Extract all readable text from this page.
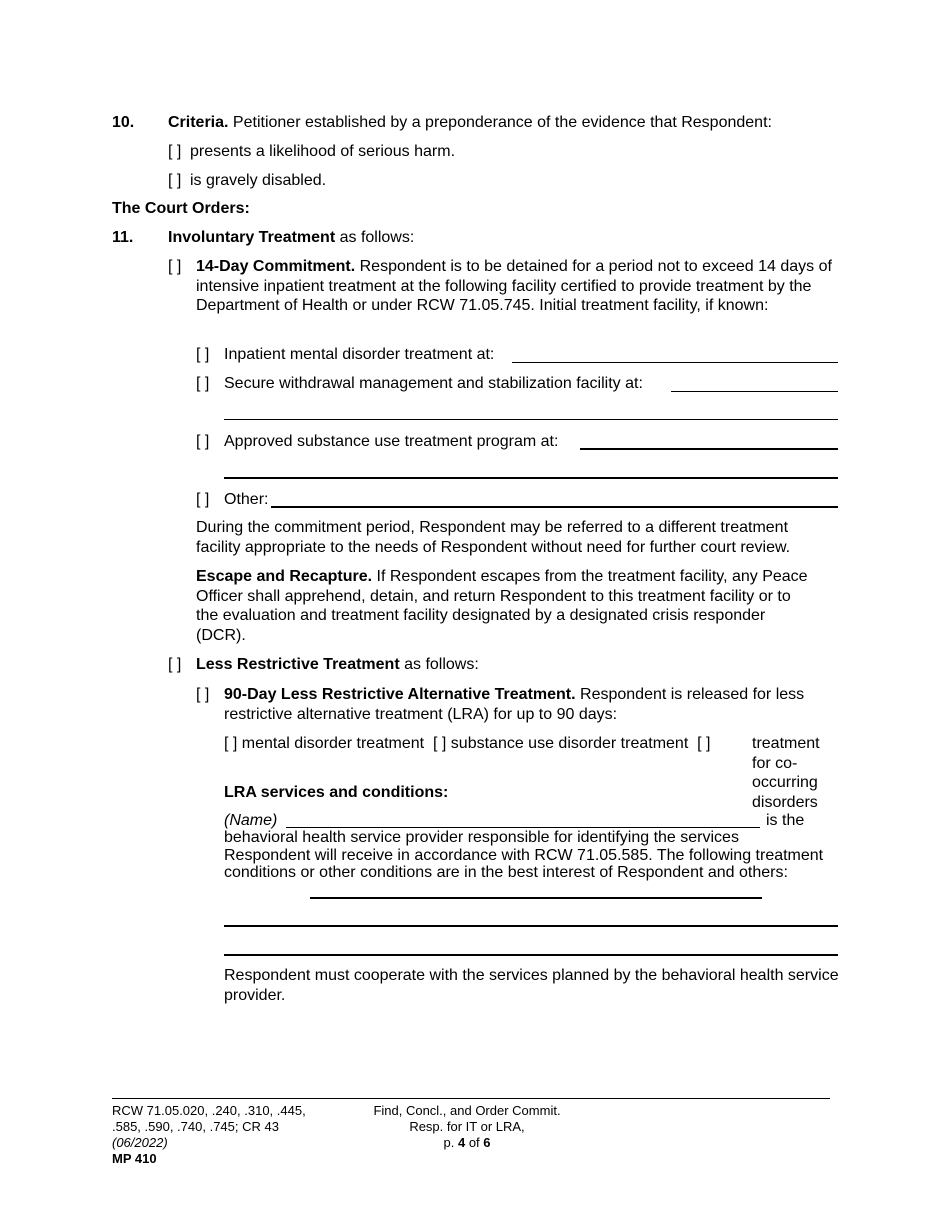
10. Criteria. Petitioner established by a preponderance of the evidence that Respondent:
[ ] presents a likelihood of serious harm.
[ ] is gravely disabled.
The Court Orders:
11. Involuntary Treatment as follows:
[ ] 14-Day Commitment. Respondent is to be detained for a period not to exceed 14 days of intensive inpatient treatment at the following facility certified to provide treatment by the Department of Health or under RCW 71.05.745. Initial treatment facility, if known:
[ ] Inpatient mental disorder treatment at:
[ ] Secure withdrawal management and stabilization facility at:
[ ] Approved substance use treatment program at:
[ ] Other:
During the commitment period, Respondent may be referred to a different treatment facility appropriate to the needs of Respondent without need for further court review.
Escape and Recapture. If Respondent escapes from the treatment facility, any Peace Officer shall apprehend, detain, and return Respondent to this treatment facility or to the evaluation and treatment facility designated by a designated crisis responder (DCR).
[ ] Less Restrictive Treatment as follows:
[ ] 90-Day Less Restrictive Alternative Treatment. Respondent is released for less restrictive alternative treatment (LRA) for up to 90 days:
[ ] mental disorder treatment [ ] substance use disorder treatment [ ]	treatment for co-occurring disorders
LRA services and conditions:
(Name)	is the
behavioral health service provider responsible for identifying the services Respondent will receive in accordance with RCW 71.05.585. The following treatment conditions or other conditions are in the best interest of Respondent and others:
Respondent must cooperate with the services planned by the behavioral health service provider.
RCW 71.05.020, .240, .310, .445,
.585, .590, .740, .745; CR 43
(06/2022)
MP 410
Find, Concl., and Order Commit.
Resp. for IT or LRA,
p. 4 of 6
